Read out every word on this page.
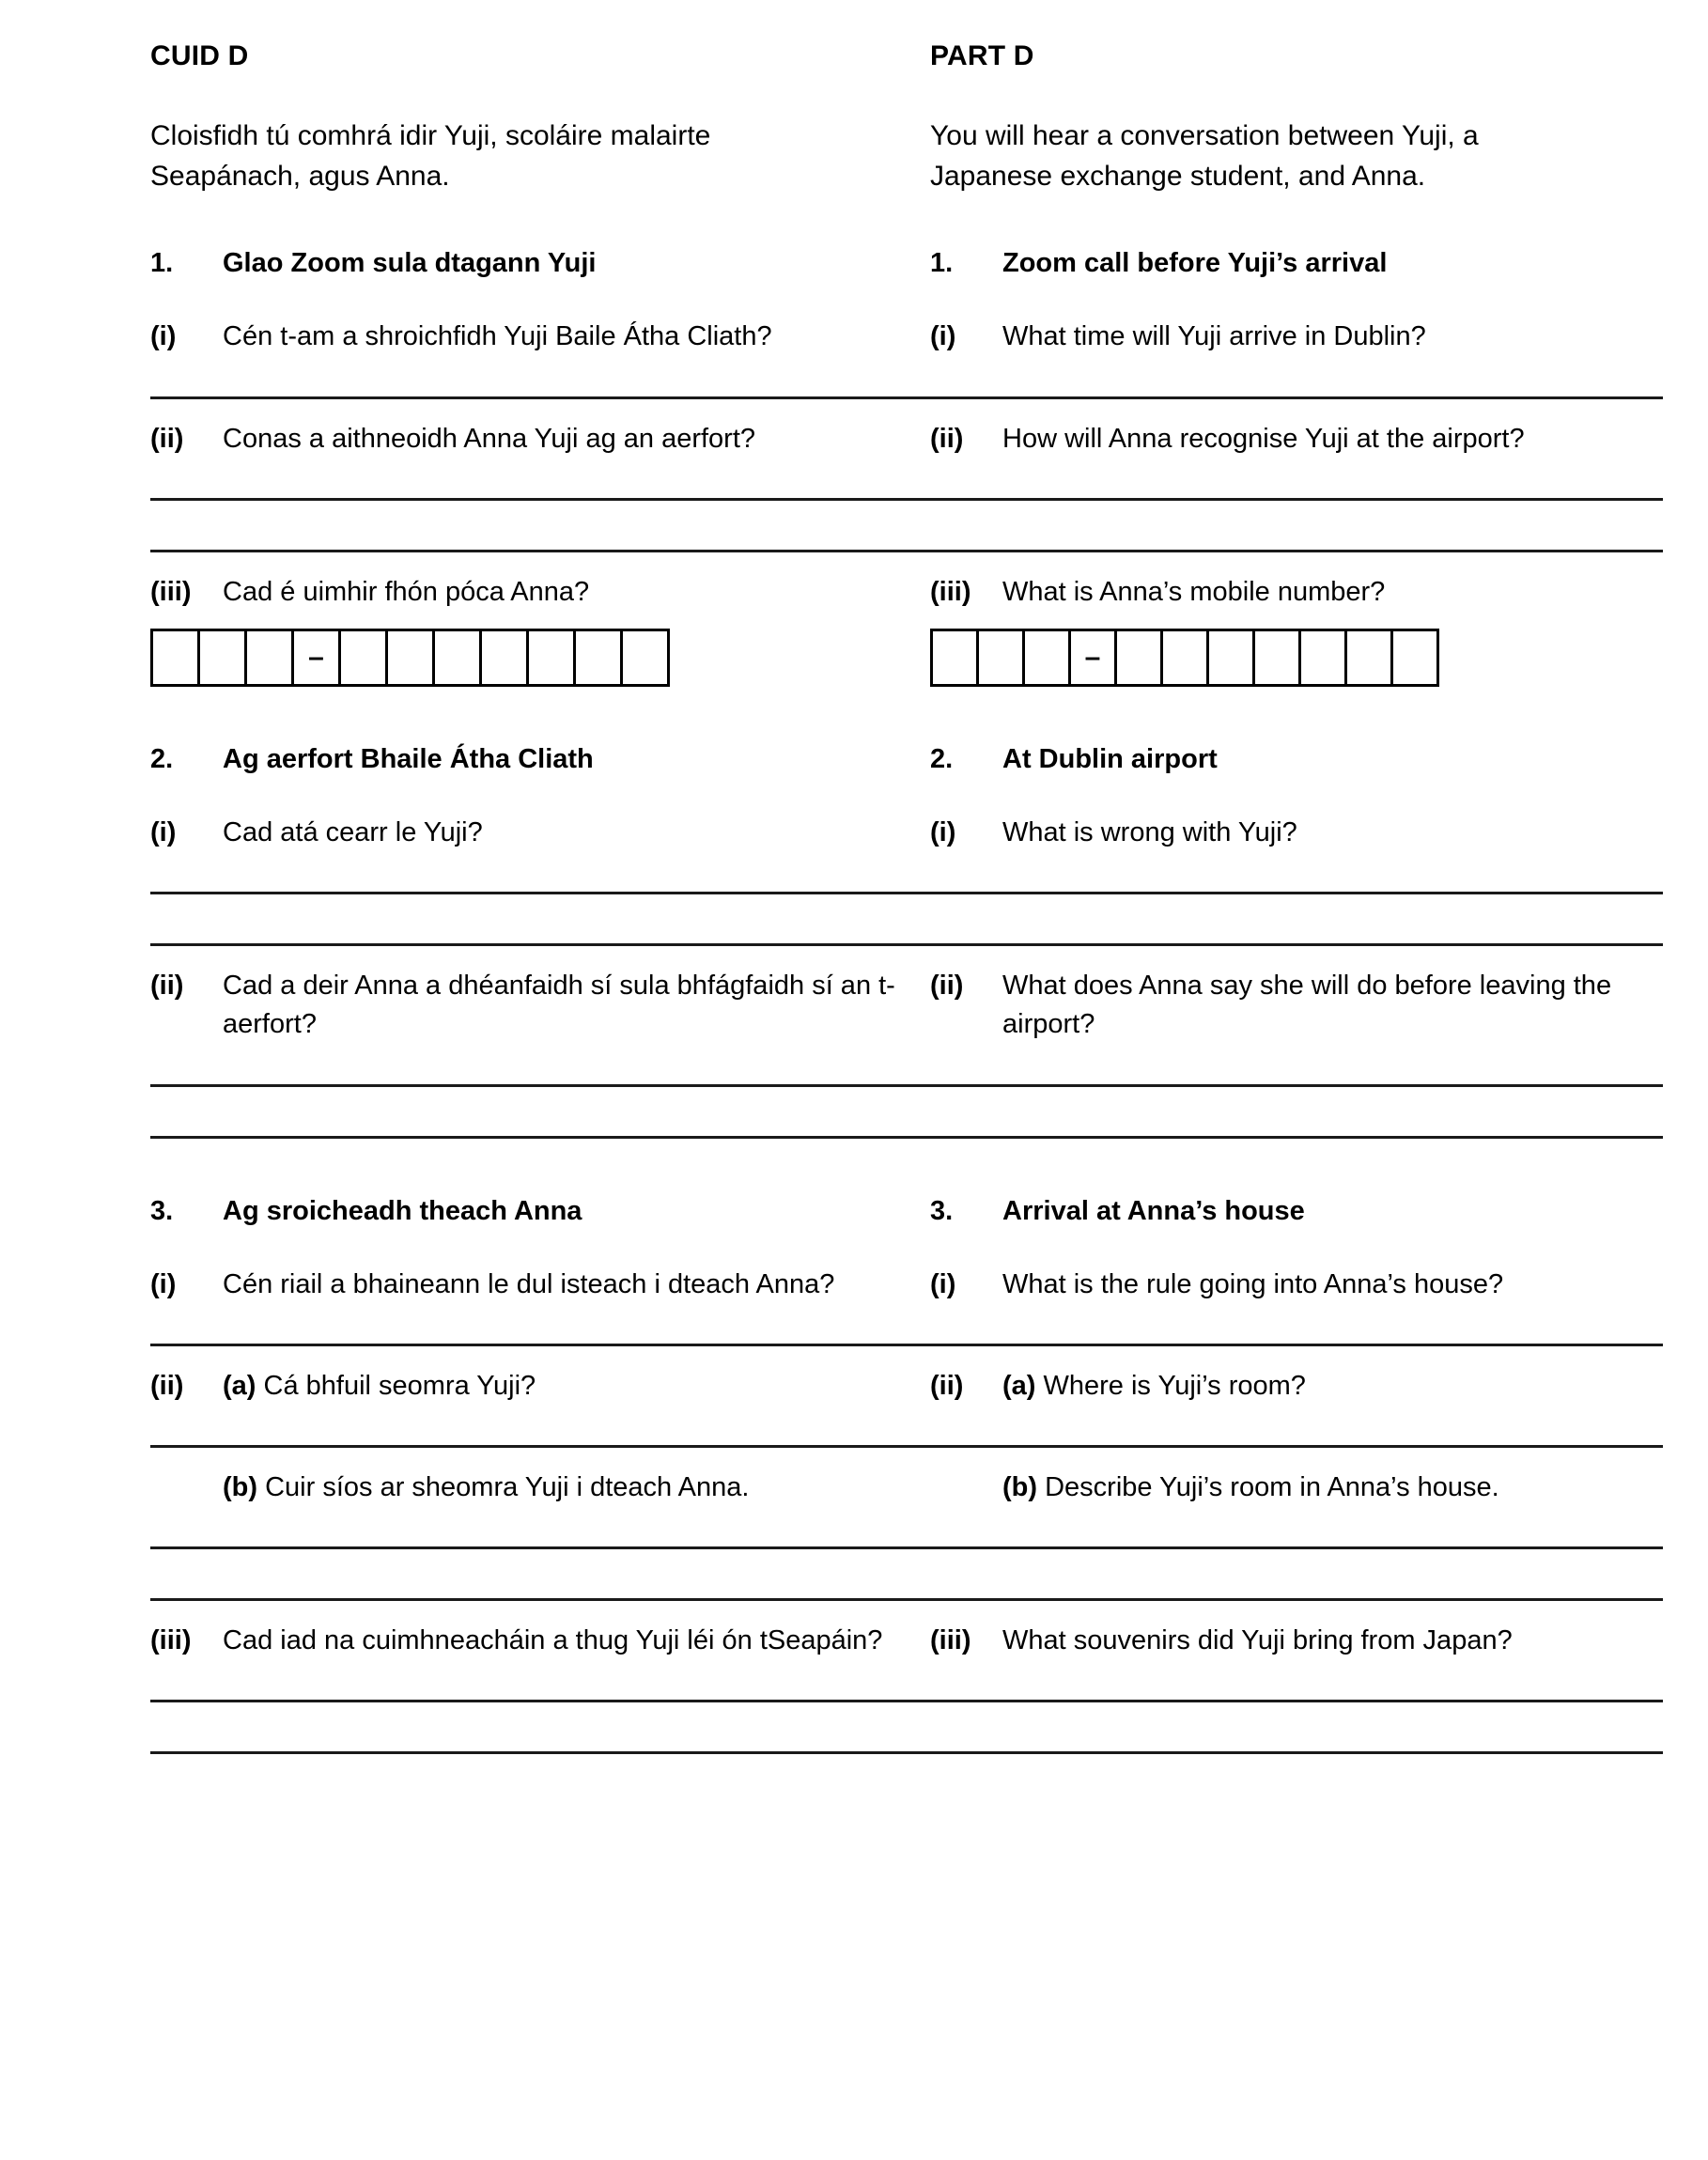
CUID D
Cloisfidh tú comhrá idir Yuji, scoláire malairte Seapánach, agus Anna.
1.	Glao Zoom sula dtagann Yuji
(i)	Cén t-am a shroichfidh Yuji Baile Átha Cliath?
(ii)	Conas a aithneoidh Anna Yuji ag an aerfort?
(iii)	Cad é uimhir fhón póca Anna?
–
2.	Ag aerfort Bhaile Átha Cliath
(i)	Cad atá cearr le Yuji?
(ii)	Cad a deir Anna a dhéanfaidh sí sula bhfágfaidh sí an t-aerfort?
3.	Ag sroicheadh theach Anna
(i)	Cén riail a bhaineann le dul isteach i dteach Anna?
(ii)	(a) Cá bhfuil seomra Yuji?
(b) Cuir síos ar sheomra Yuji i dteach Anna.
(iii)	Cad iad na cuimhneacháin a thug Yuji léi ón tSeapáin?
PART D
You will hear a conversation between Yuji, a Japanese exchange student, and Anna.
1.	Zoom call before Yuji’s arrival
(i)	What time will Yuji arrive in Dublin?
(ii)	How will Anna recognise Yuji at the airport?
(iii)	What is Anna’s mobile number?
–
2.	At Dublin airport
(i)	What is wrong with Yuji?
(ii)	What does Anna say she will do before leaving the airport?
3.	Arrival at Anna’s house
(i)	What is the rule going into Anna’s house?
(ii)	(a) Where is Yuji’s room?
(b) Describe Yuji’s room in Anna’s house.
(iii)	What souvenirs did Yuji bring from Japan?
